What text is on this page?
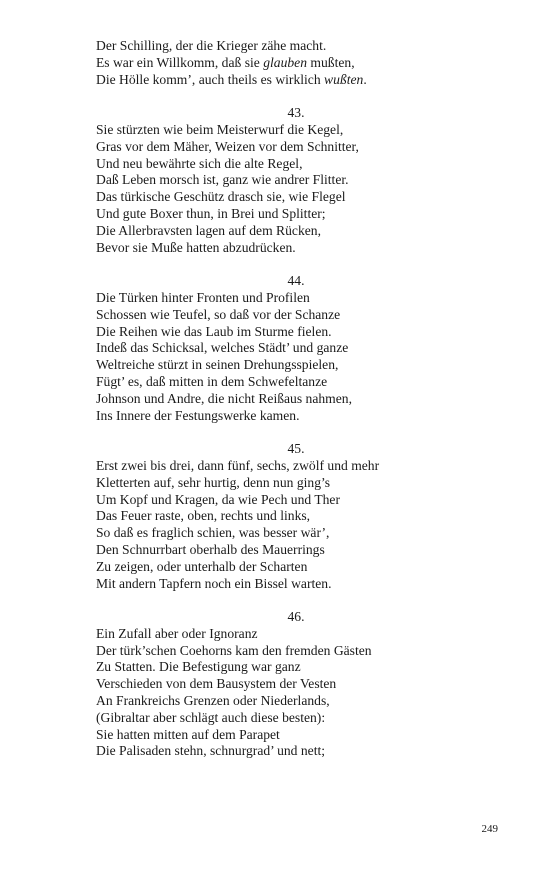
Der Schilling, der die Krieger zähe macht.
Es war ein Willkomm, daß sie glauben mußten,
Die Hölle komm’, auch theils es wirklich wußten.
43.
Sie stürzten wie beim Meisterwurf die Kegel,
Gras vor dem Mäher, Weizen vor dem Schnitter,
Und neu bewährte sich die alte Regel,
Daß Leben morsch ist, ganz wie andrer Flitter.
Das türkische Geschütz drasch sie, wie Flegel
Und gute Boxer thun, in Brei und Splitter;
Die Allerbravsten lagen auf dem Rücken,
Bevor sie Muße hatten abzudrücken.
44.
Die Türken hinter Fronten und Profilen
Schossen wie Teufel, so daß vor der Schanze
Die Reihen wie das Laub im Sturme fielen.
Indeß das Schicksal, welches Städt’ und ganze
Weltreiche stürzt in seinen Drehungsspielen,
Fügt’ es, daß mitten in dem Schwefeltanze
Johnson und Andre, die nicht Reißaus nahmen,
Ins Innere der Festungswerke kamen.
45.
Erst zwei bis drei, dann fünf, sechs, zwölf und mehr
Kletterten auf, sehr hurtig, denn nun ging’s
Um Kopf und Kragen, da wie Pech und Ther
Das Feuer raste, oben, rechts und links,
So daß es fraglich schien, was besser wär’,
Den Schnurrbart oberhalb des Mauerrings
Zu zeigen, oder unterhalb der Scharten
Mit andern Tapfern noch ein Bissel warten.
46.
Ein Zufall aber oder Ignoranz
Der türk’schen Coehorns kam den fremden Gästen
Zu Statten. Die Befestigung war ganz
Verschieden von dem Bausystem der Vesten
An Frankreichs Grenzen oder Niederlands,
(Gibraltar aber schlägt auch diese besten):
Sie hatten mitten auf dem Parapet
Die Palisaden stehn, schnurgrad’ und nett;
249
